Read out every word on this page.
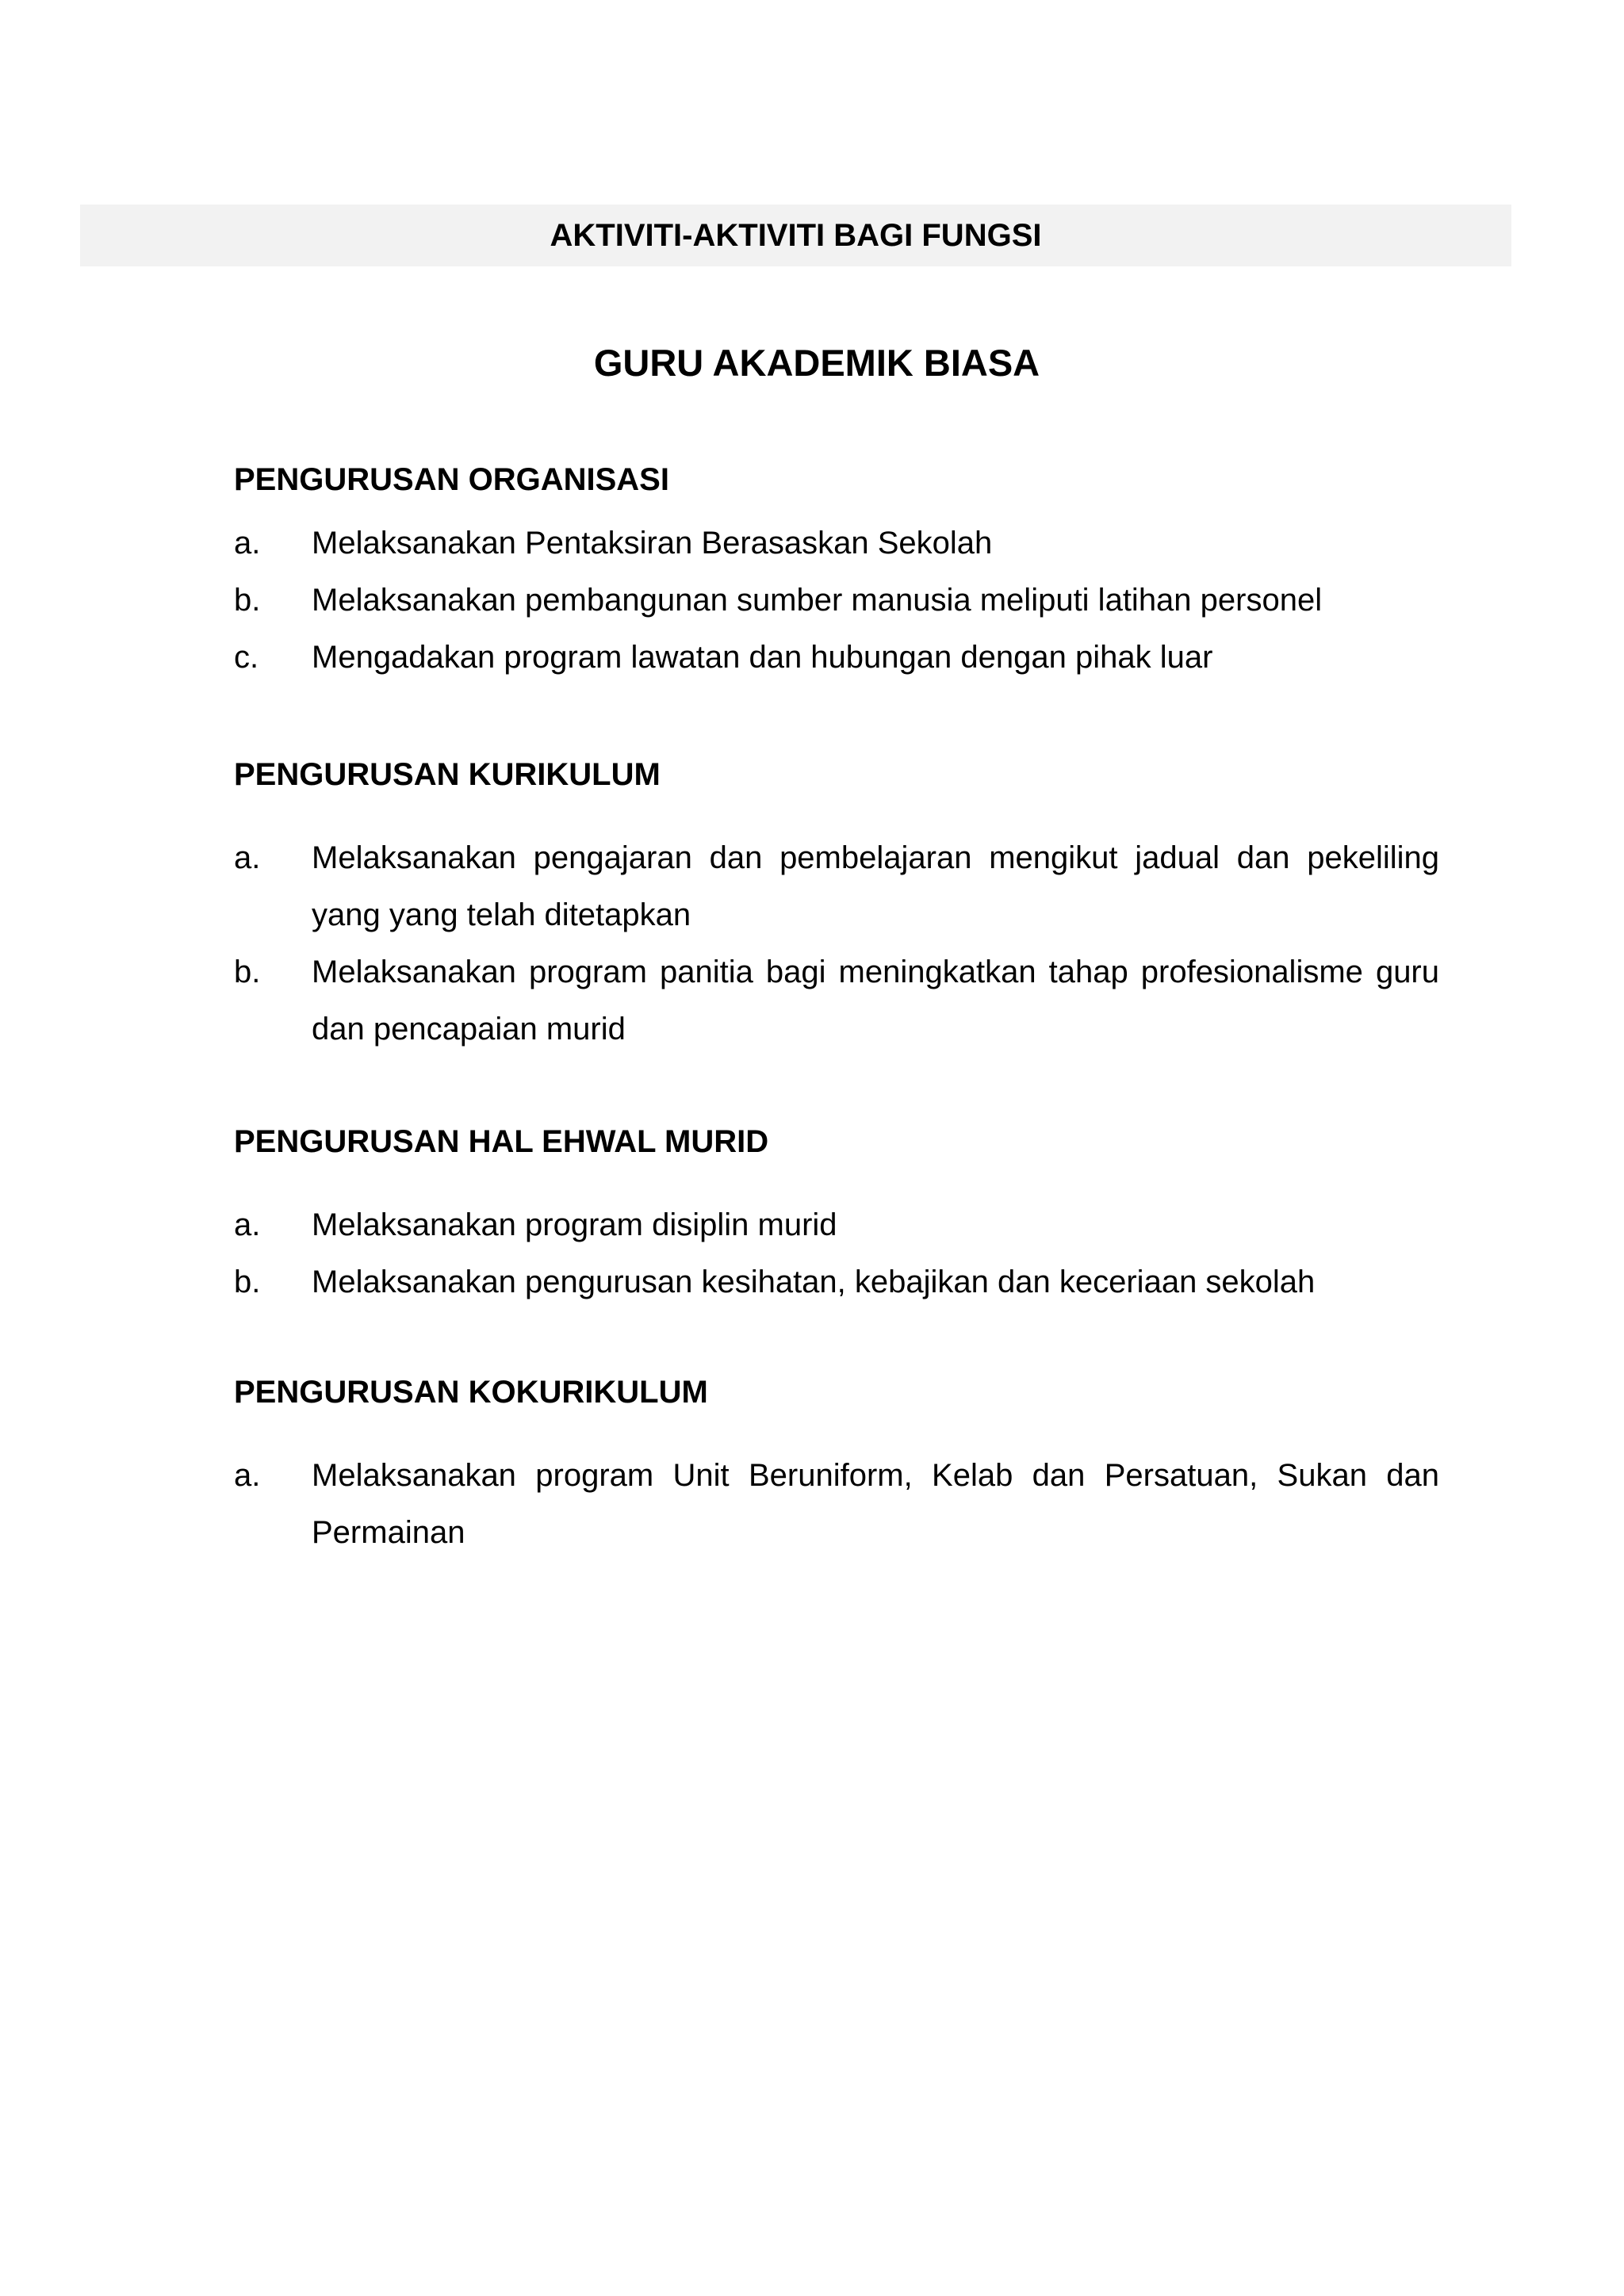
AKTIVITI-AKTIVITI BAGI FUNGSI
GURU AKADEMIK BIASA
PENGURUSAN ORGANISASI
a. Melaksanakan Pentaksiran Berasaskan Sekolah
b. Melaksanakan pembangunan sumber manusia meliputi latihan personel
c. Mengadakan program lawatan dan hubungan dengan pihak luar
PENGURUSAN KURIKULUM
a. Melaksanakan pengajaran dan pembelajaran mengikut jadual dan pekeliling yang yang telah ditetapkan
b. Melaksanakan program panitia bagi meningkatkan tahap profesionalisme guru dan pencapaian murid
PENGURUSAN HAL EHWAL MURID
a. Melaksanakan program disiplin murid
b. Melaksanakan pengurusan kesihatan, kebajikan dan keceriaan sekolah
PENGURUSAN KOKURIKULUM
a. Melaksanakan program Unit Beruniform, Kelab dan Persatuan, Sukan dan Permainan
